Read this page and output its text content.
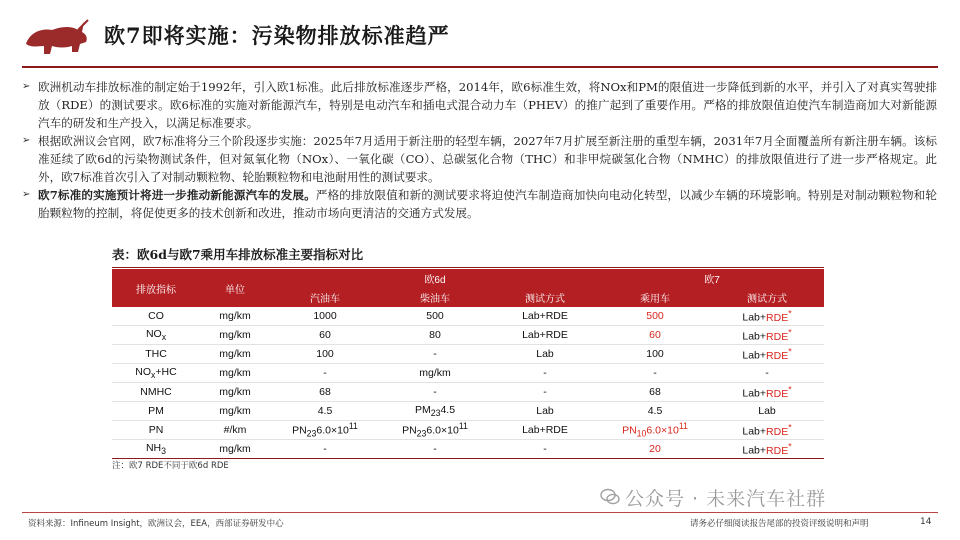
欧7即将实施：污染物排放标准趋严
➢ 欧洲机动车排放标准的制定始于1992年，引入欧1标准。此后排放标准逐步严格，2014年，欧6标准生效，将NOx和PM的限值进一步降低到新的水平，并引入了对真实驾驶排放（RDE）的测试要求。欧6标准的实施对新能源汽车，特别是电动汽车和插电式混合动力车（PHEV）的推广起到了重要作用。严格的排放限值迫使汽车制造商加大对新能源汽车的研发和生产投入，以满足标准要求。
➢ 根据欧洲议会官网，欧7标准将分三个阶段逐步实施：2025年7月适用于新注册的轻型车辆，2027年7月扩展至新注册的重型车辆，2031年7月全面覆盖所有新注册车辆。该标准延续了欧6d的污染物测试条件，但对氮氧化物（NOx）、一氧化碳（CO）、总碳氢化合物（THC）和非甲烷碳氢化合物（NMHC）的排放限值进行了进一步严格规定。此外，欧7标准首次引入了对制动颗粒物、轮胎颗粒物和电池耐用性的测试要求。
➢ 欧7标准的实施预计将进一步推动新能源汽车的发展。严格的排放限值和新的测试要求将迫使汽车制造商加快向电动化转型，以减少车辆的环境影响。特别是对制动颗粒物和轮胎颗粒物的控制，将促使更多的技术创新和改进，推动市场向更清洁的交通方式发展。
表：欧6d与欧7乘用车排放标准主要指标对比
排放指标	单位	欧6d			欧7	
		汽油车	柴油车	测试方式	乘用车	测试方式
CO	mg/km	1000	500	Lab+RDE	500	Lab+RDE*
$NO_x$	mg/km	60	80	Lab+RDE	60	Lab+RDE*
THC	mg/km	100	-	Lab	100	Lab+RDE*
$NO_x+HC$	mg/km	-	mg/km	-	-	-
NMHC	mg/km	68	-	-	68	Lab+RDE*
PM	mg/km	4.5	$PM_{23}4.5$	Lab	4.5	Lab
PN	#/km	$PN_{23}6.0\times 10^{11}$	$PN_{23}6.0\times 10^{11}$	Lab+RDE	$PN_{10}6.0\times 10^{11}$	Lab+RDE*
$NH_3$	mg/km	-	-	-	20	Lab+RDE*
注：欧7 RDE不同于欧6d RDE
公众号 · 未来汽车社群
资料来源：Infineum Insight，欧洲议会，EEA，西部证券研发中心	请务必仔细阅读报告尾部的投资评级说明和声明	14
